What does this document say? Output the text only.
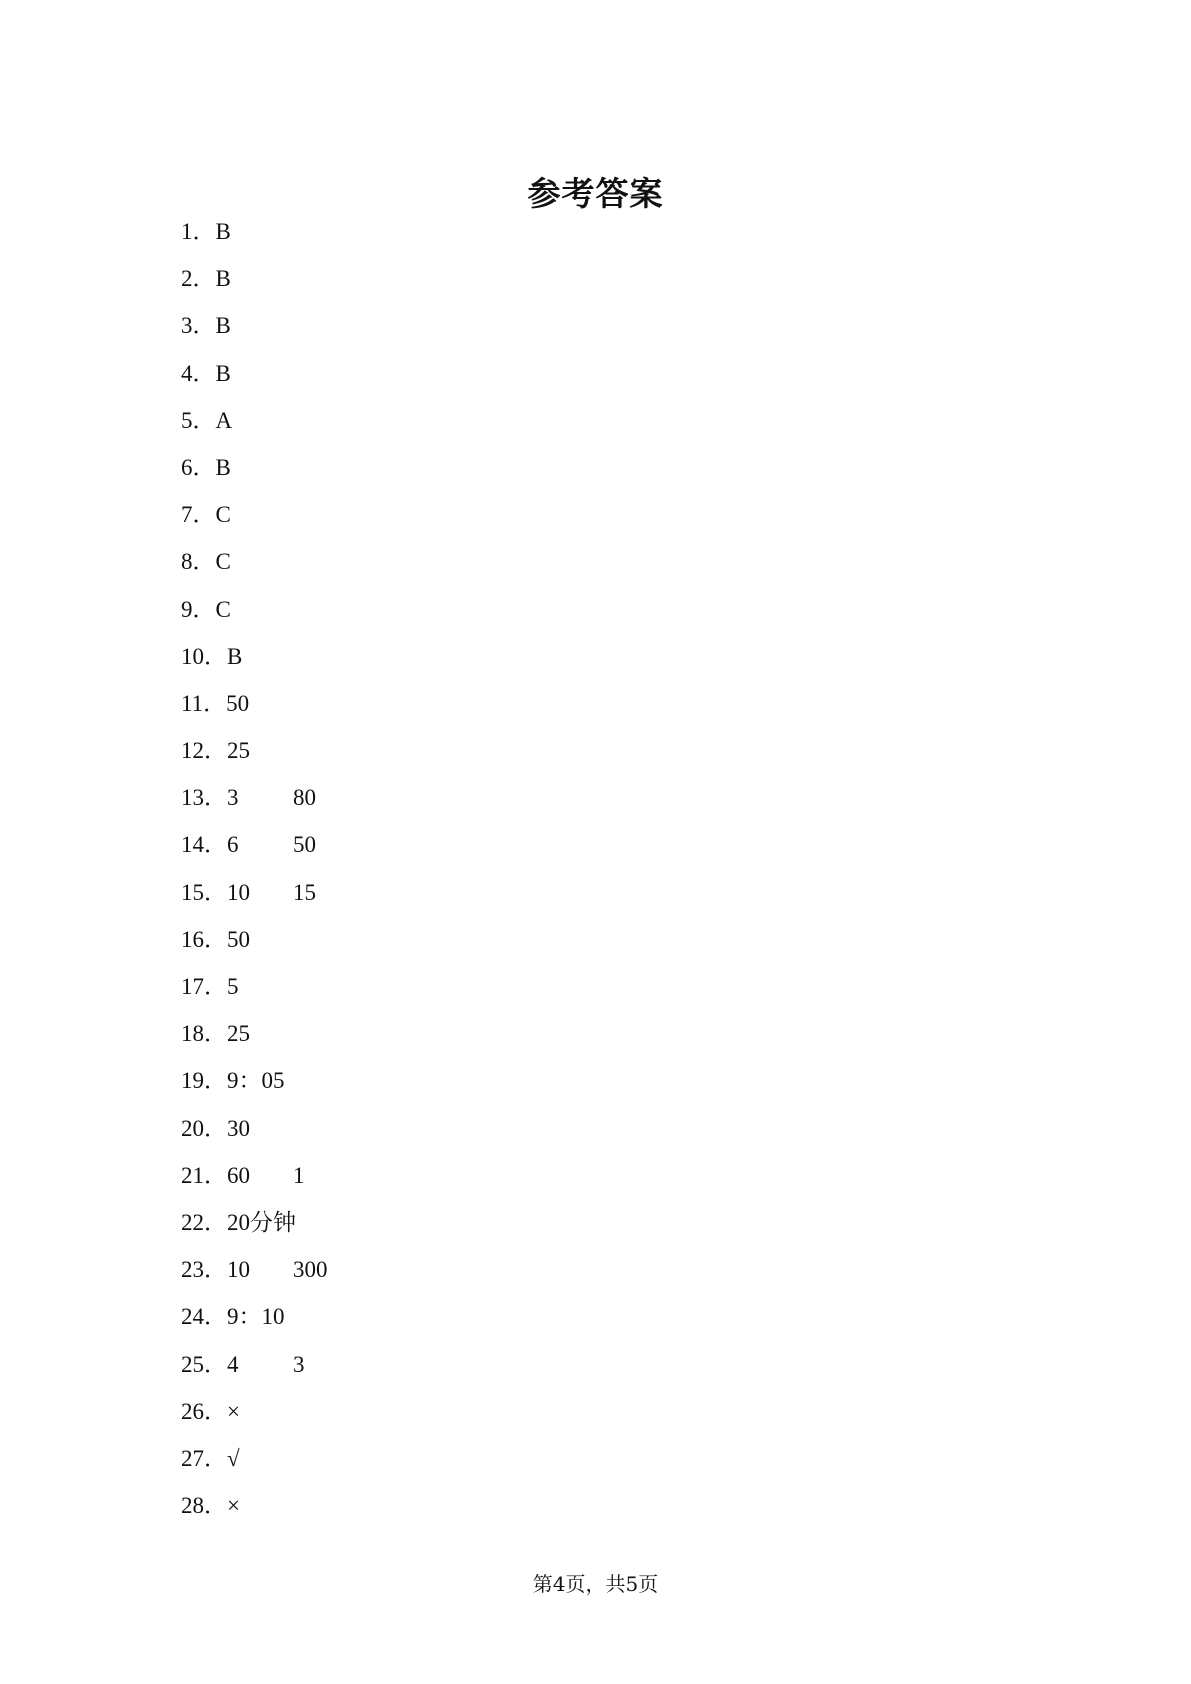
参考答案
1． B
2． B
3． B
4． B
5． A
6． B
7． C
8． C
9． C
10． B
11． 50
12． 25
13． 3	80
14． 6	50
15． 10 15
16． 50
17． 5
18． 25
19． 9：05
20． 30
21． 60 1
22． 20分钟
23． 10 300
24． 9：10
25． 4	3
26． ×
27． √
28． ×
第4页，共5页
